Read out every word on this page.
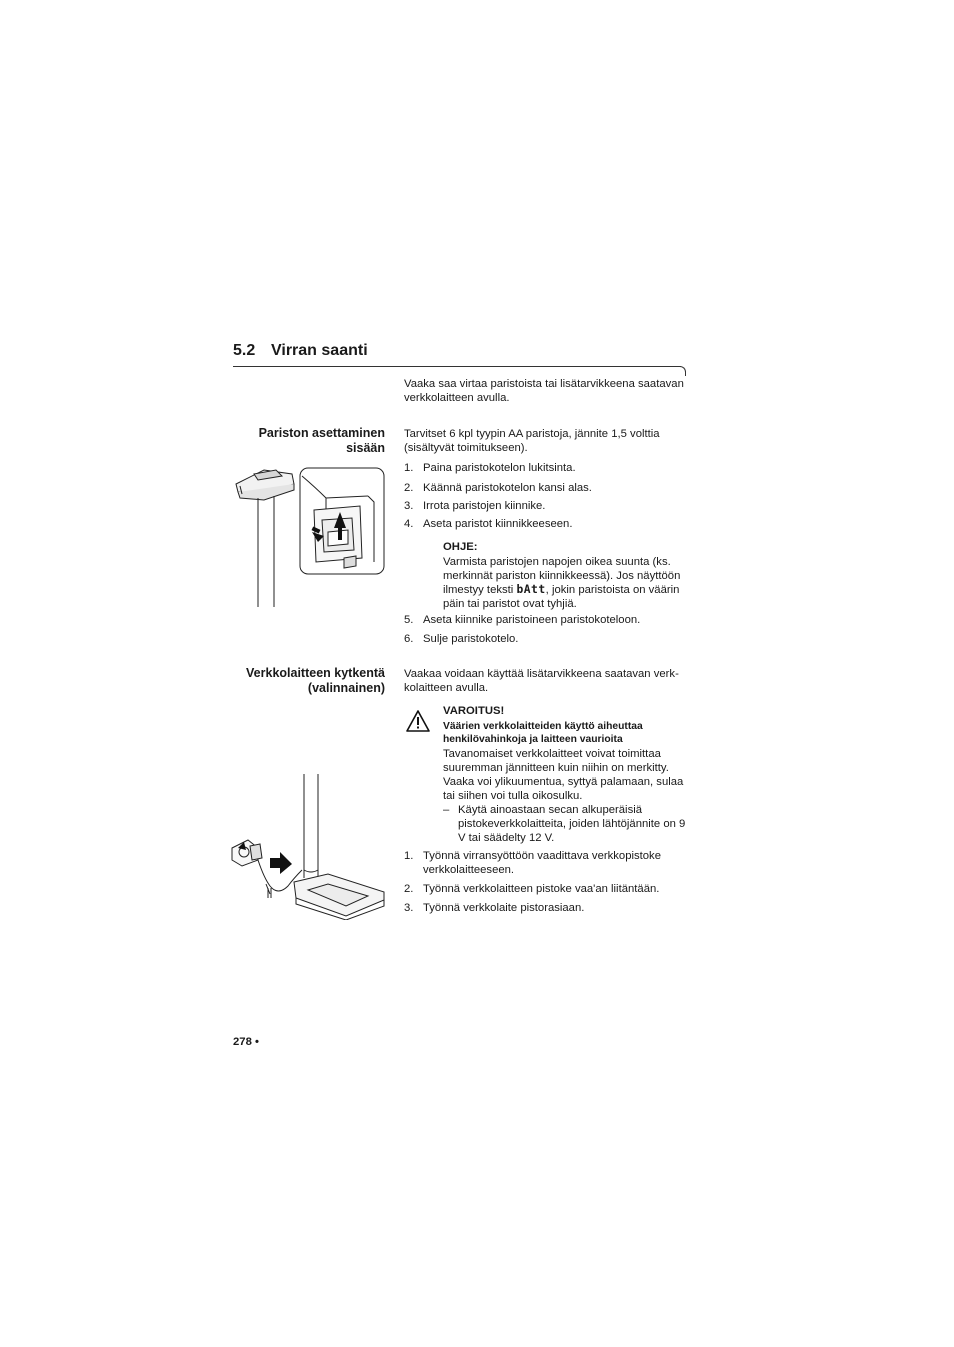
5.2 Virran saanti
Vaaka saa virtaa paristoista tai lisätarvikkeena saatavan verkkolaitteen avulla.
Pariston asettaminen
sisään
Tarvitset 6 kpl tyypin AA paristoja, jännite 1,5 volttia
(sisältyvät toimitukseen).
1. Paina paristokotelon lukitsinta.
2. Käännä paristokotelon kansi alas.
3. Irrota paristojen kiinnike.
4. Aseta paristot kiinnikkeeseen.
OHJE:
Varmista paristojen napojen oikea suunta (ks.
merkinnät pariston kiinnikkeessä). Jos näyttöön
ilmestyy teksti bAtt, jokin paristoista on väärin
päin tai paristot ovat tyhjiä.
5. Aseta kiinnike paristoineen paristokoteloon.
6. Sulje paristokotelo.
Verkkolaitteen kytkentä
(valinnainen)
Vaakaa voidaan käyttää lisätarvikkeena saatavan verk-
kolaitteen avulla.
VAROITUS!
Väärien verkkolaitteiden käyttö aiheuttaa
henkilövahinkoja ja laitteen vaurioita
Tavanomaiset verkkolaitteet voivat toimittaa
suuremman jännitteen kuin niihin on merkitty.
Vaaka voi ylikuumentua, syttyä palamaan, sulaa
tai siihen voi tulla oikosulku.
– Käytä ainoastaan secan alkuperäisiä
pistokeverkkolaitteita, joiden lähtöjännite on 9
V tai säädelty 12 V.
1. Työnnä virransyöttöön vaadittava verkkopistoke
verkkolaitteeseen.
2. Työnnä verkkolaitteen pistoke vaa'an liitäntään.
3. Työnnä verkkolaite pistorasiaan.
278 •
